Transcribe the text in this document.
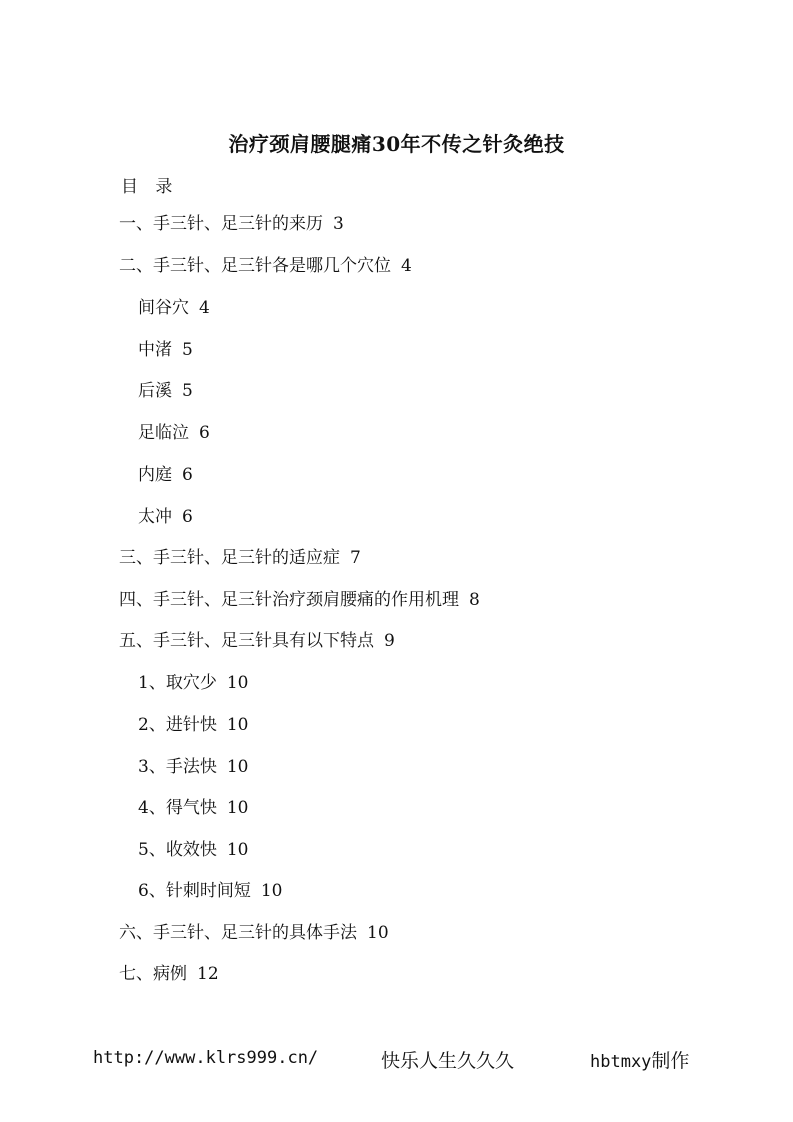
治疗颈肩腰腿痛30年不传之针灸绝技
目 录
一、手三针、足三针的来历 3
二、手三针、足三针各是哪几个穴位 4
间谷穴 4
中渚 5
后溪 5
足临泣 6
内庭 6
太冲 6
三、手三针、足三针的适应症 7
四、手三针、足三针治疗颈肩腰痛的作用机理 8
五、手三针、足三针具有以下特点 9
1、取穴少 10
2、进针快 10
3、手法快 10
4、得气快 10
5、收效快 10
6、针刺时间短 10
六、手三针、足三针的具体手法 10
七、病例 12
http://www.klrs999.cn/	快乐人生久久久	hbtmxy制作
